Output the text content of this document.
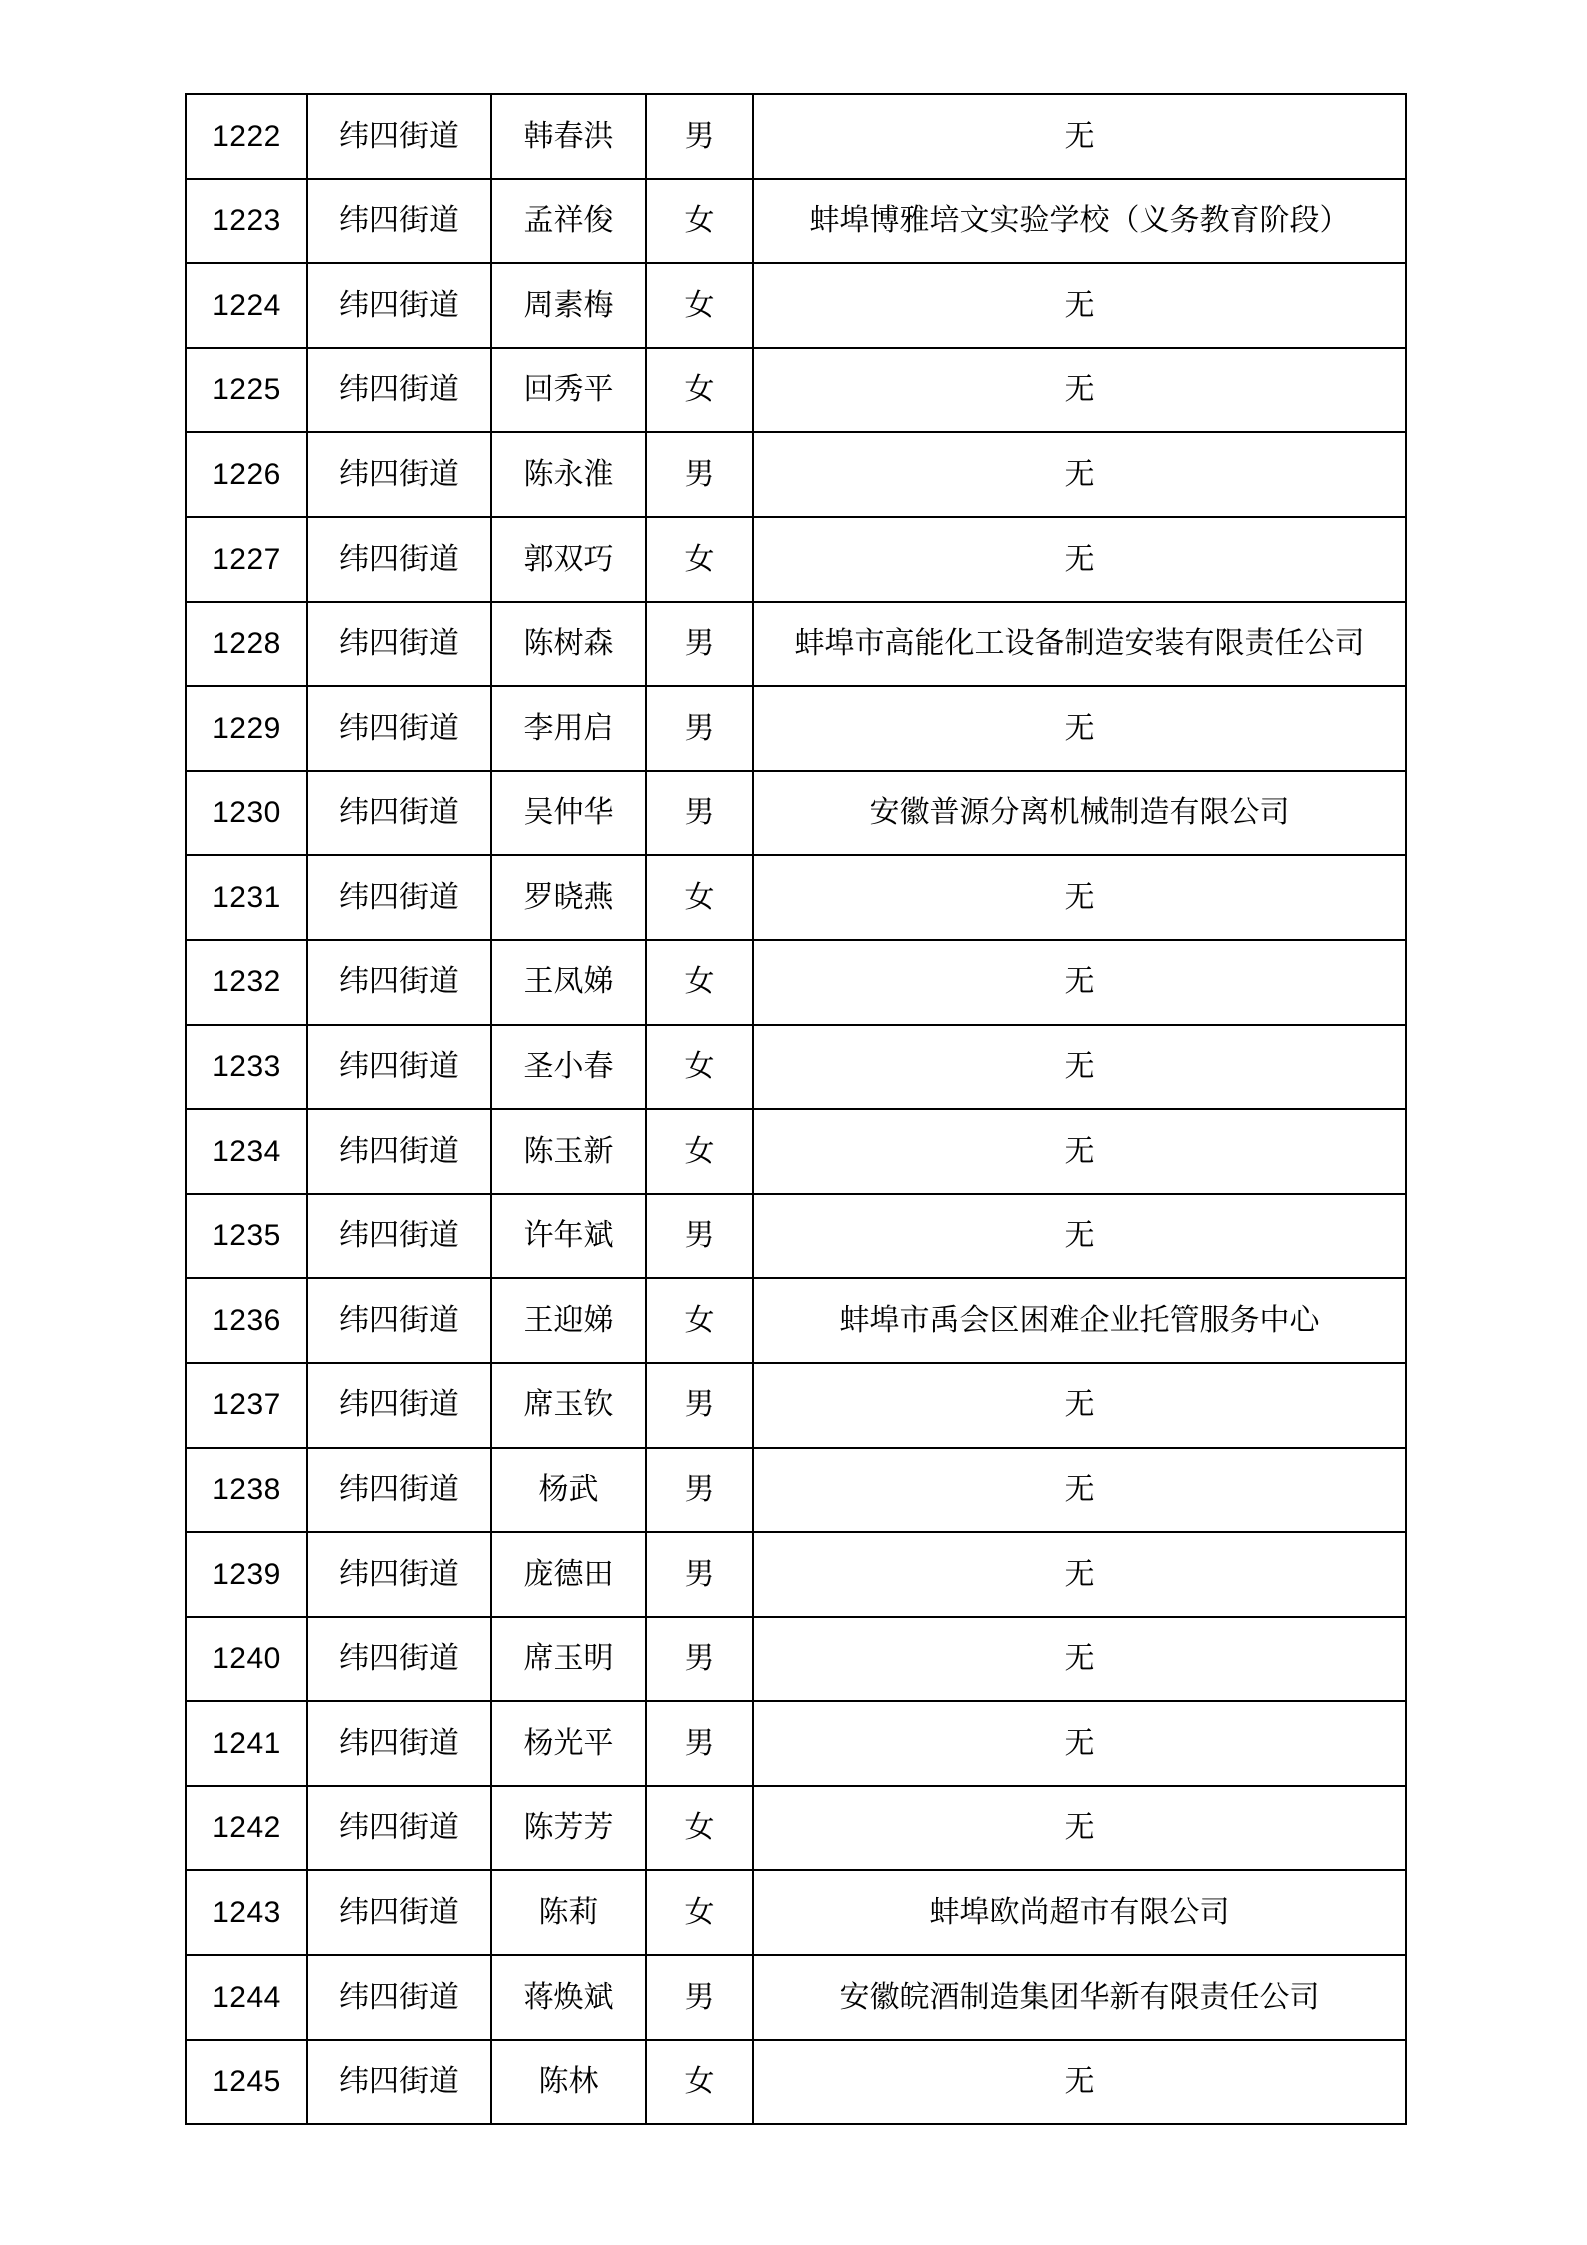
1222	纬四街道	韩春洪	男	无
1223	纬四街道	孟祥俊	女	蚌埠博雅培文实验学校（义务教育阶段）
1224	纬四街道	周素梅	女	无
1225	纬四街道	回秀平	女	无
1226	纬四街道	陈永淮	男	无
1227	纬四街道	郭双巧	女	无
1228	纬四街道	陈树森	男	蚌埠市高能化工设备制造安装有限责任公司
1229	纬四街道	李用启	男	无
1230	纬四街道	吴仲华	男	安徽普源分离机械制造有限公司
1231	纬四街道	罗晓燕	女	无
1232	纬四街道	王凤娣	女	无
1233	纬四街道	圣小春	女	无
1234	纬四街道	陈玉新	女	无
1235	纬四街道	许年斌	男	无
1236	纬四街道	王迎娣	女	蚌埠市禹会区困难企业托管服务中心
1237	纬四街道	席玉钦	男	无
1238	纬四街道	杨武	男	无
1239	纬四街道	庞德田	男	无
1240	纬四街道	席玉明	男	无
1241	纬四街道	杨光平	男	无
1242	纬四街道	陈芳芳	女	无
1243	纬四街道	陈莉	女	蚌埠欧尚超市有限公司
1244	纬四街道	蒋焕斌	男	安徽皖酒制造集团华新有限责任公司
1245	纬四街道	陈林	女	无
